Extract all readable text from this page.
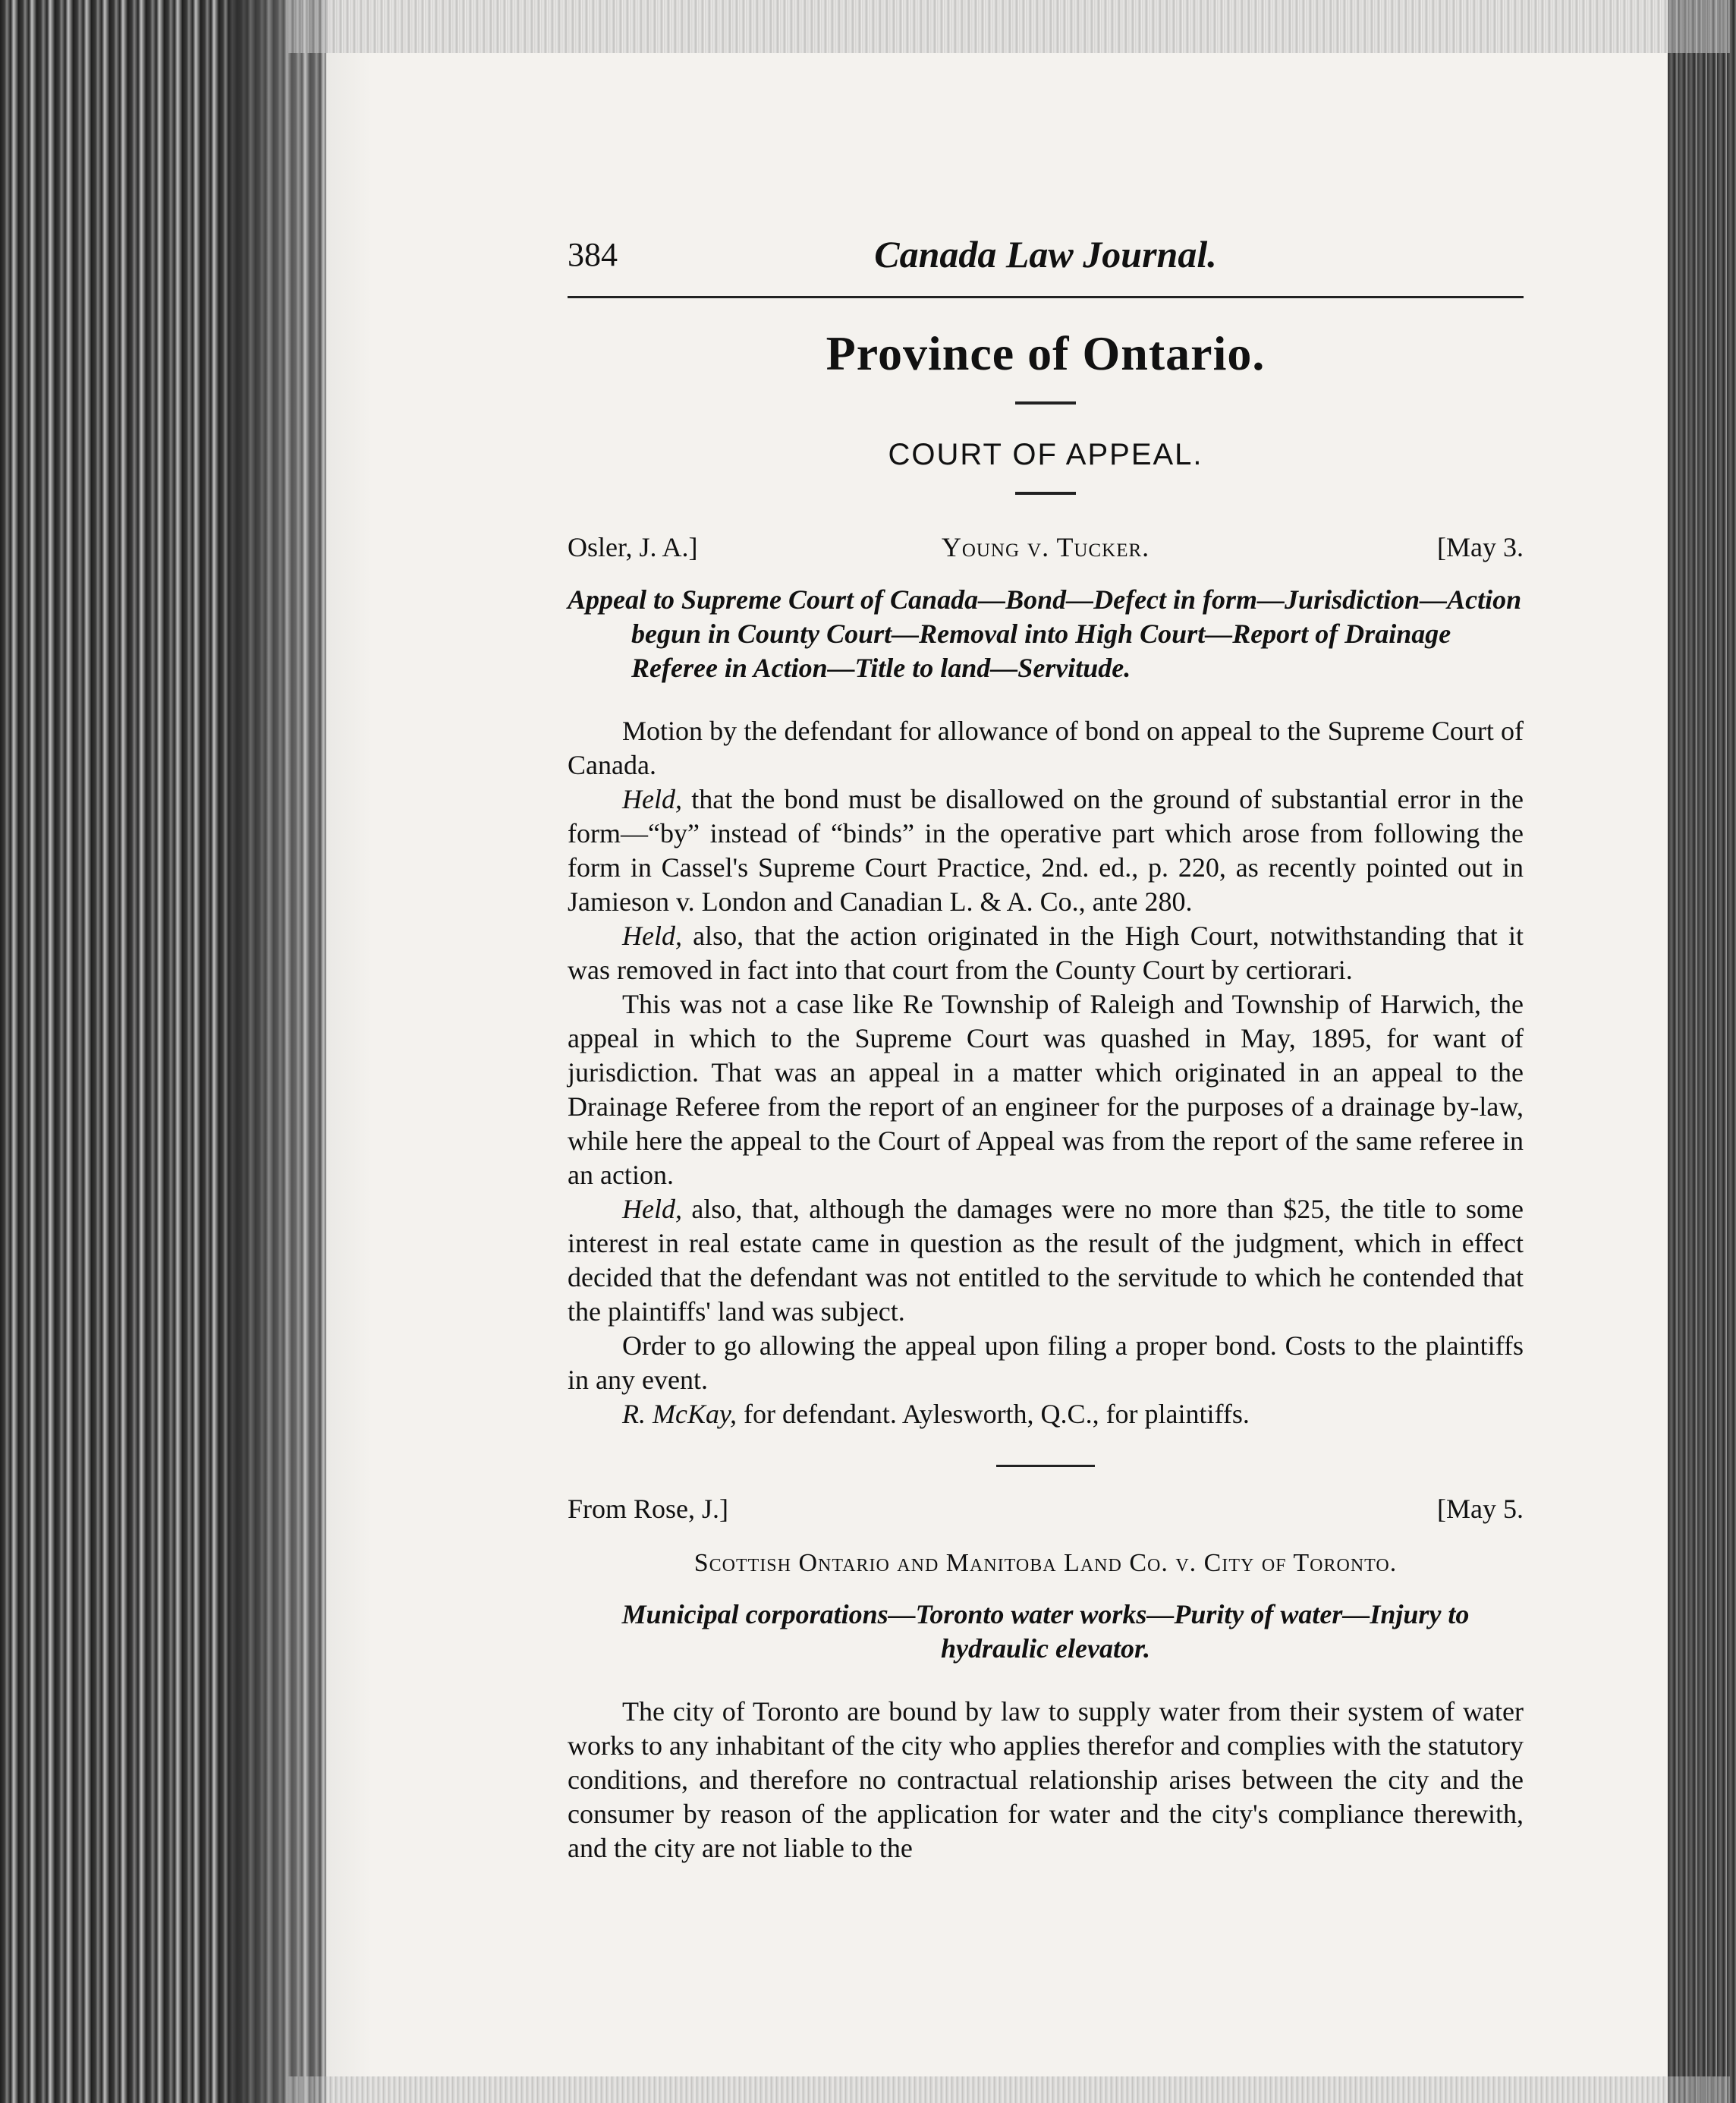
384	Canada Law Journal.
Province of Ontario.
COURT OF APPEAL.
Osler, J. A.]	Young v. Tucker.	[May 3.
Appeal to Supreme Court of Canada—Bond—Defect in form—Jurisdiction—Action begun in County Court—Removal into High Court—Report of Drainage Referee in Action—Title to land—Servitude.

Motion by the defendant for allowance of bond on appeal to the Supreme Court of Canada.

Held, that the bond must be disallowed on the ground of substantial error in the form—“by” instead of “binds” in the operative part which arose from following the form in Cassel's Supreme Court Practice, 2nd. ed., p. 220, as recently pointed out in Jamieson v. London and Canadian L. & A. Co., ante 280.

Held, also, that the action originated in the High Court, notwithstanding that it was removed in fact into that court from the County Court by certiorari.

This was not a case like Re Township of Raleigh and Township of Harwich, the appeal in which to the Supreme Court was quashed in May, 1895, for want of jurisdiction. That was an appeal in a matter which originated in an appeal to the Drainage Referee from the report of an engineer for the purposes of a drainage by-law, while here the appeal to the Court of Appeal was from the report of the same referee in an action.

Held, also, that, although the damages were no more than $25, the title to some interest in real estate came in question as the result of the judgment, which in effect decided that the defendant was not entitled to the servitude to which he contended that the plaintiffs' land was subject.

Order to go allowing the appeal upon filing a proper bond. Costs to the plaintiffs in any event.

R. McKay, for defendant. Aylesworth, Q.C., for plaintiffs.

From Rose, J.]	[May 5.
Scottish Ontario and Manitoba Land Co. v. City of Toronto.
Municipal corporations—Toronto water works—Purity of water—Injury to hydraulic elevator.

The city of Toronto are bound by law to supply water from their system of water works to any inhabitant of the city who applies therefor and complies with the statutory conditions, and therefore no contractual relationship arises between the city and the consumer by reason of the application for water and the city's compliance therewith, and the city are not liable to the
